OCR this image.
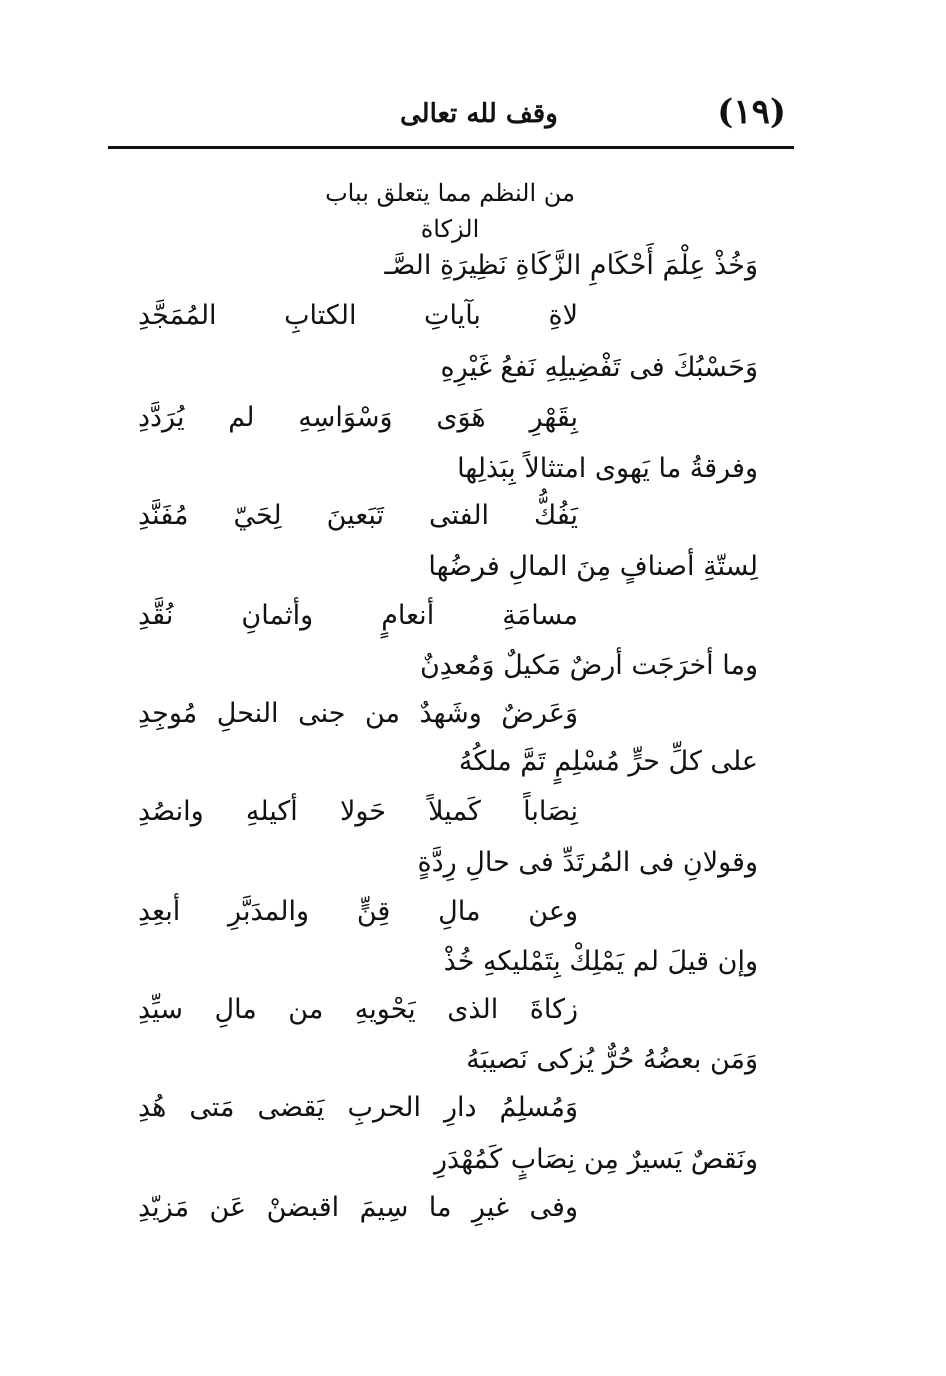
(١٩)
وقف لله تعالى
من النظم مما يتعلق بباب الزكاة
وَخُذْ عِلْمَ أَحْكَامِ الزَّكَاةِ نَظِيرَةِ الصَّـ
لاةِ بآياتِ الكتابِ المُمَجَّدِ
وَحَسْبُكَ فى تَفْضِيلِهِ نَفعُ غَيْرِهِ
بِقَهْرِ هَوَى وَسْوَاسِهِ لم يُرَدَّدِ
وفرقةُ ما يَهوى امتثالاً بِبَذلِها
يَفُكُّ الفتى تَبَعينَ لِحَيّ مُفَنَّدِ
لِستّةِ أصنافٍ مِنَ المالِ فرضُها
مسامَةِ أنعامٍ وأثمانِ نُقَّدِ
وما أخرَجَت أرضٌ مَكيلٌ وَمُعدِنٌ
وَعَرضٌ وشَهدٌ من جنى النحلِ مُوجِدِ
على كلِّ حرٍّ مُسْلِمٍ تَمَّ ملكُهُ
نِصَاباً كَميلاً حَولا أكيلهِ وانصُدِ
وقولانِ فى المُرتَدِّ فى حالِ رِدَّةٍ
وعن مالِ قِنٍّ والمدَبَّرِ أبعِدِ
وإن قيلَ لم يَمْلِكْ بِتَمْليكهِ خُذْ
زكاةَ الذى يَحْويهِ من مالِ سيِّدِ
وَمَن بعضُهُ حُرٌّ يُزكى نَصيبَهُ
وَمُسلِمُ دارِ الحربِ يَقضى مَتى هُدِ
ونَقصٌ يَسيرٌ مِن نِصَابٍ كَمُهْدَرِ
وفى غيرِ ما سِيمَ اقبضنْ عَن مَزيّدِ
